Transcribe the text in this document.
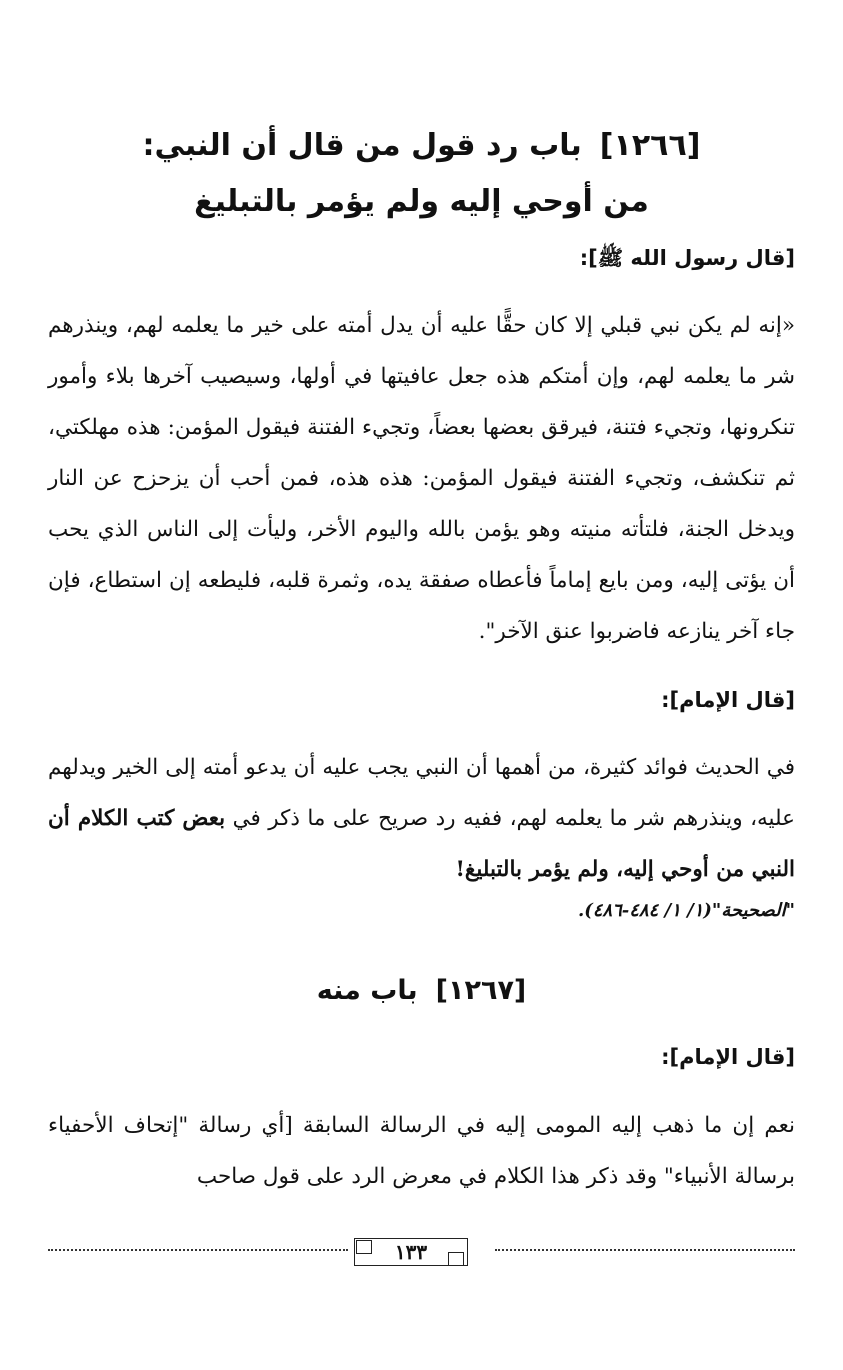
[١٢٦٦]باب رد قول من قال أن النبي:
من أوحي إليه ولم يؤمر بالتبليغ
[قال رسول الله ﷺ]:
«إنه لم يكن نبي قبلي إلا كان حقًّا عليه أن يدل أمته على خير ما يعلمه لهم، وينذرهم شر ما يعلمه لهم، وإن أمتكم هذه جعل عافيتها في أولها، وسيصيب آخرها بلاء وأمور تنكرونها، وتجيء فتنة، فيرقق بعضها بعضاً، وتجيء الفتنة فيقول المؤمن: هذه مهلكتي، ثم تنكشف، وتجيء الفتنة فيقول المؤمن: هذه هذه، فمن أحب أن يزحزح عن النار ويدخل الجنة، فلتأته منيته وهو يؤمن بالله واليوم الأخر، وليأت إلى الناس الذي يحب أن يؤتى إليه، ومن بايع إماماً فأعطاه صفقة يده، وثمرة قلبه، فليطعه إن استطاع، فإن جاء آخر ينازعه فاضربوا عنق الآخر".
[قال الإمام]:
في الحديث فوائد كثيرة، من أهمها أن النبي يجب عليه أن يدعو أمته إلى الخير ويدلهم عليه، وينذرهم شر ما يعلمه لهم، ففيه رد صريح على ما ذكر في بعض كتب الكلام أن النبي من أوحي إليه، ولم يؤمر بالتبليغ!
"الصحيحة"(١/ ١/ ٤٨٤-٤٨٦).
[١٢٦٧]باب منه
[قال الإمام]:
نعم إن ما ذهب إليه المومى إليه في الرسالة السابقة [أي رسالة "إتحاف الأحفياء برسالة الأنبياء" وقد ذكر هذا الكلام في معرض الرد على قول صاحب
١٣٣
